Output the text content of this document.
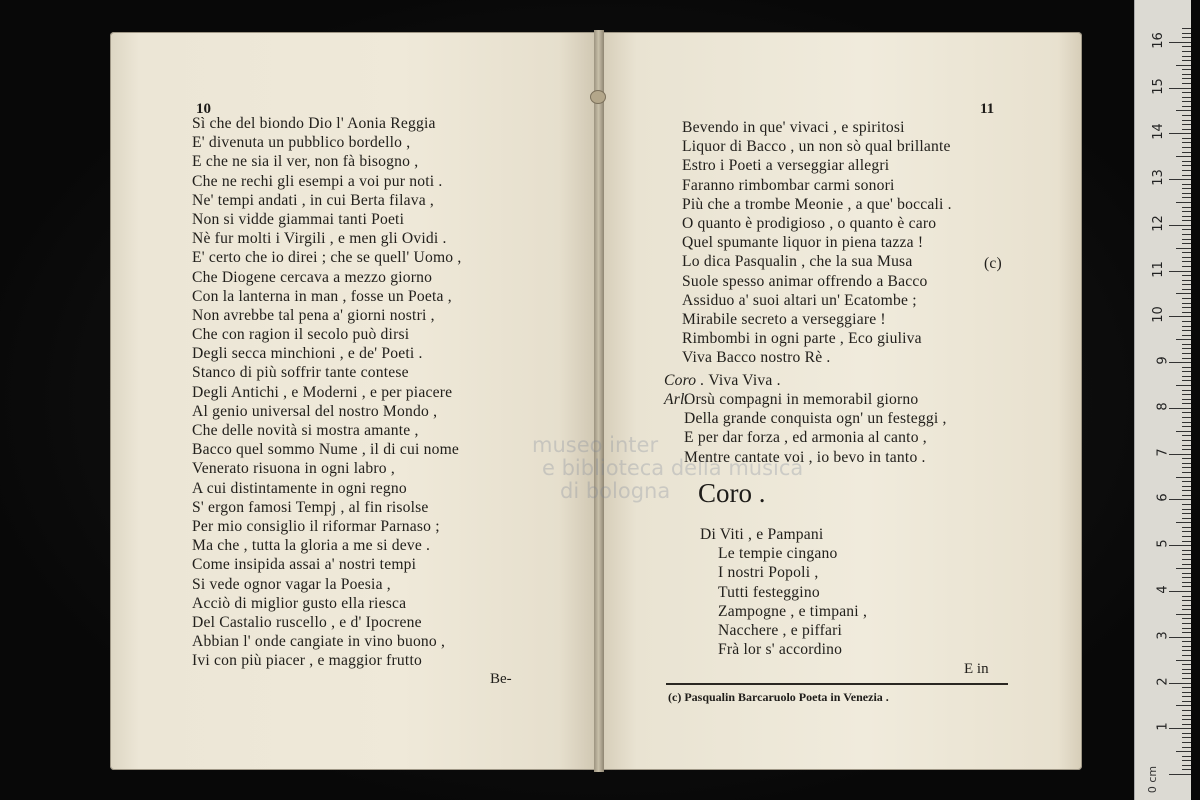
10
Sì che del biondo Dio l' Aonia Reggia
E' divenuta un pubblico bordello ,
E che ne sia il ver, non fà bisogno ,
Che ne rechi gli esempi a voi pur noti .
Ne' tempi andati , in cui Berta filava ,
Non si vidde giammai tanti Poeti
Nè fur molti i Virgili , e men gli Ovidi .
E' certo che io direi ; che se quell' Uomo ,
Che Diogene cercava a mezzo giorno
Con la lanterna in man , fosse un Poeta ,
Non avrebbe tal pena a' giorni nostri ,
Che con ragion il secolo può dirsi
Degli secca minchioni , e de' Poeti .
Stanco di più soffrir tante contese
Degli Antichi , e Moderni , e per piacere
Al genio universal del nostro Mondo ,
Che delle novità si mostra amante ,
Bacco quel sommo Nume , il di cui nome
Venerato risuona in ogni labro ,
A cui distintamente in ogni regno
S' ergon famosi Tempj , al fin risolse
Per mio consiglio il riformar Parnaso ;
Ma che , tutta la gloria a me si deve .
Come insipida assai a' nostri tempi
Si vede ognor vagar la Poesia ,
Acciò di miglior gusto ella riesca
Del Castalio ruscello , e d' Ipocrene
Abbian l' onde cangiate in vino buono ,
Ivi con più piacer , e maggior frutto
Be-
museo inter
e biblioteca della musica
di bologna
11
Bevendo in que' vivaci , e spiritosi
Liquor di Bacco , un non sò qual brillante
Estro i Poeti a verseggiar allegri
Faranno rimbombar carmi sonori
Più che a trombe Meonie , a que' boccali .
O quanto è prodigioso , o quanto è caro
Quel spumante liquor in piena tazza !
Lo dica Pasqualin , che la sua Musa
Suole spesso animar offrendo a Bacco
Assiduo a' suoi altari un' Ecatombe ;
Mirabile secreto a verseggiare !
Rimbombi in ogni parte , Eco giuliva
Viva Bacco nostro Rè .
(c)
Coro . Viva Viva .
Arl.
Orsù compagni in memorabil giorno
Della grande conquista ogn' un festeggi ,
E per dar forza , ed armonia al canto ,
Mentre cantate voi , io bevo in tanto .
Coro .
Di Viti , e Pampani
Le tempie cingano
I nostri Popoli ,
Tutti festeggino
Zampogne , e timpani ,
Nacchere , e piffari
Frà lor s' accordino
E in
(c) Pasqualin Barcaruolo Poeta in Venezia .
0 cm
1
2
3
4
5
6
7
8
9
10
11
12
13
14
15
16
